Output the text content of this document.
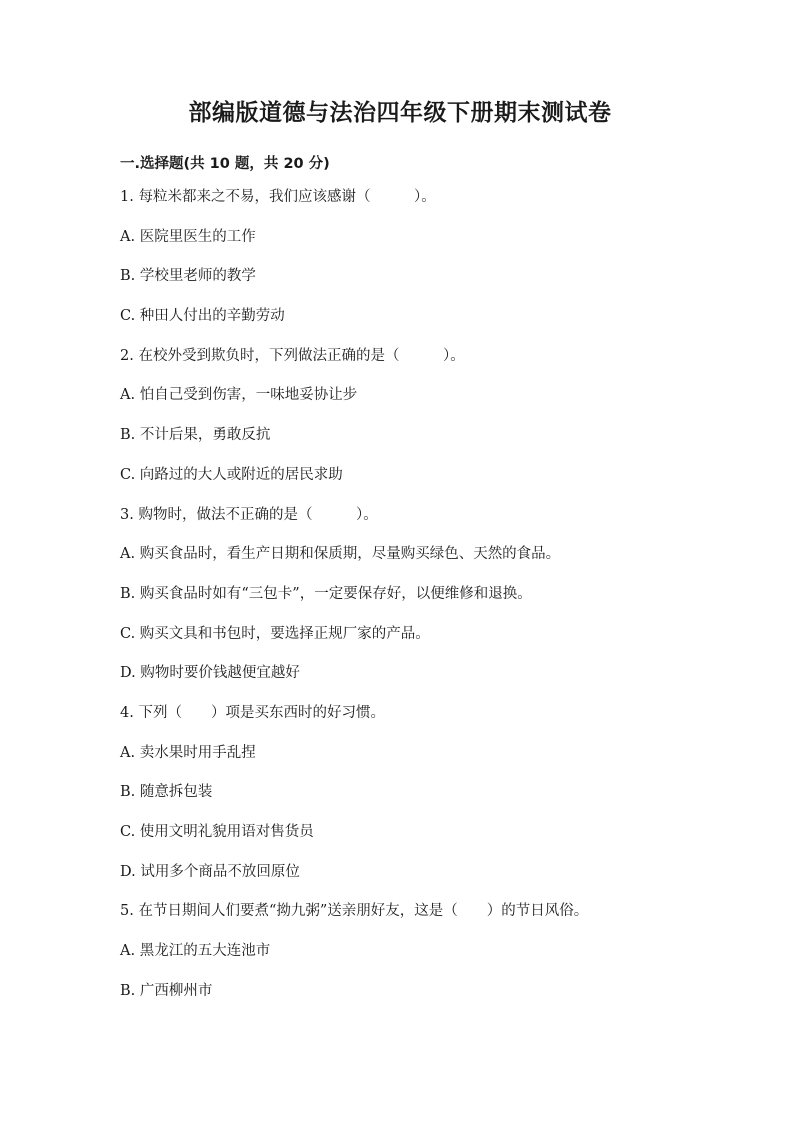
部编版道德与法治四年级下册期末测试卷
一.选择题(共 10 题，共 20 分)
1. 每粒米都来之不易，我们应该感谢（　　　）。
A. 医院里医生的工作
B. 学校里老师的教学
C. 种田人付出的辛勤劳动
2. 在校外受到欺负时，下列做法正确的是（　　　）。
A. 怕自己受到伤害，一味地妥协让步
B. 不计后果，勇敢反抗
C. 向路过的大人或附近的居民求助
3. 购物时，做法不正确的是（　　　）。
A. 购买食品时，看生产日期和保质期，尽量购买绿色、天然的食品。
B. 购买食品时如有“三包卡”，一定要保存好，以便维修和退换。
C. 购买文具和书包时，要选择正规厂家的产品。
D. 购物时要价钱越便宜越好
4. 下列（　　）项是买东西时的好习惯。
A. 卖水果时用手乱捏
B. 随意拆包装
C. 使用文明礼貌用语对售货员
D. 试用多个商品不放回原位
5. 在节日期间人们要煮“拗九粥”送亲朋好友，这是（　　）的节日风俗。
A. 黑龙江的五大连池市
B. 广西柳州市
